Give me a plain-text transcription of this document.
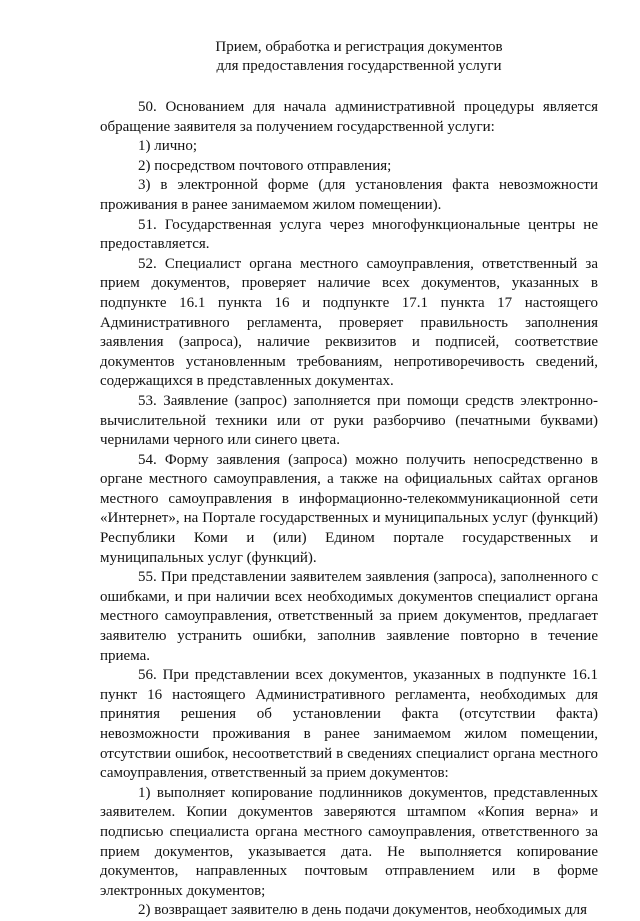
Прием, обработка и регистрация документов
для предоставления государственной услуги

50. Основанием для начала административной процедуры является обращение заявителя за получением государственной услуги:

1) лично;

2) посредством почтового отправления;

3) в электронной форме (для установления факта невозможности проживания в ранее занимаемом жилом помещении).

51. Государственная услуга через многофункциональные центры не предоставляется.

52. Специалист органа местного самоуправления, ответственный за прием документов, проверяет наличие всех документов, указанных в подпункте 16.1 пункта 16 и подпункте 17.1 пункта 17 настоящего Административного регламента, проверяет правильность заполнения заявления (запроса), наличие реквизитов и подписей, соответствие документов установленным требованиям, непротиворечивость сведений, содержащихся в представленных документах.

53. Заявление (запрос) заполняется при помощи средств электронно-вычислительной техники или от руки разборчиво (печатными буквами) чернилами черного или синего цвета.

54. Форму заявления (запроса) можно получить непосредственно в органе местного самоуправления, а также на официальных сайтах органов местного самоуправления в информационно-телекоммуникационной сети «Интернет», на Портале государственных и муниципальных услуг (функций) Республики Коми и (или) Едином портале государственных и муниципальных услуг (функций).

55. При представлении заявителем заявления (запроса), заполненного с ошибками, и при наличии всех необходимых документов специалист органа местного самоуправления, ответственный за прием документов, предлагает заявителю устранить ошибки, заполнив заявление повторно в течение приема.

56. При представлении всех документов, указанных в подпункте 16.1 пункт 16 настоящего Административного регламента, необходимых для принятия решения об установлении факта (отсутствии факта) невозможности проживания в ранее занимаемом жилом помещении, отсутствии ошибок, несоответствий в сведениях специалист органа местного самоуправления, ответственный за прием документов:

1) выполняет копирование подлинников документов, представленных заявителем. Копии документов заверяются штампом «Копия верна» и подписью специалиста органа местного самоуправления, ответственного за прием документов, указывается дата. Не выполняется копирование документов, направленных почтовым отправлением или в форме электронных документов;

2) возвращает заявителю в день подачи документов, необходимых для
